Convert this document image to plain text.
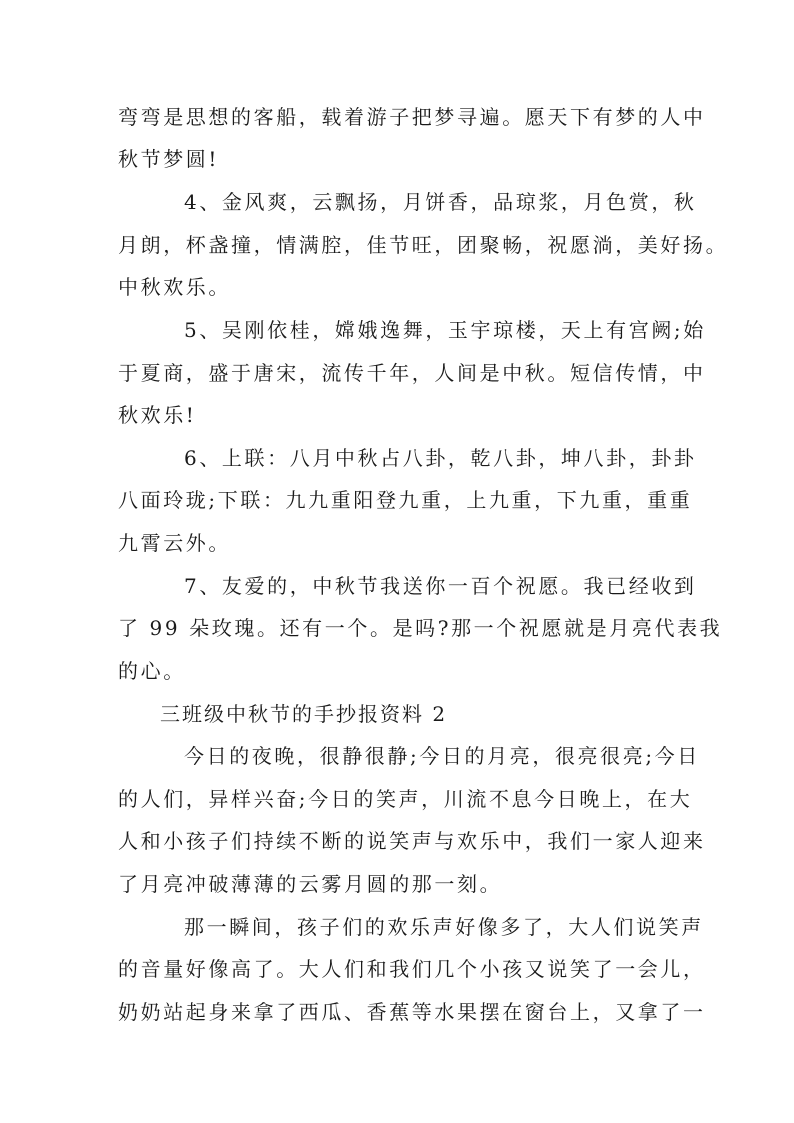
弯弯是思想的客船，载着游子把梦寻遍。愿天下有梦的人中
秋节梦圆!
4、金风爽，云飘扬，月饼香，品琼浆，月色赏，秋
月朗，杯盏撞，情满腔，佳节旺，团聚畅，祝愿淌，美好扬。
中秋欢乐。
5、吴刚依桂，嫦娥逸舞，玉宇琼楼，天上有宫阙;始
于夏商，盛于唐宋，流传千年，人间是中秋。短信传情，中
秋欢乐!
6、上联：八月中秋占八卦，乾八卦，坤八卦，卦卦
八面玲珑;下联：九九重阳登九重，上九重，下九重，重重
九霄云外。
7、友爱的，中秋节我送你一百个祝愿。我已经收到
了 99 朵玫瑰。还有一个。是吗?那一个祝愿就是月亮代表我
的心。
三班级中秋节的手抄报资料 2
今日的夜晚，很静很静;今日的月亮，很亮很亮;今日
的人们，异样兴奋;今日的笑声，川流不息今日晚上，在大
人和小孩子们持续不断的说笑声与欢乐中，我们一家人迎来
了月亮冲破薄薄的云雾月圆的那一刻。
那一瞬间，孩子们的欢乐声好像多了，大人们说笑声
的音量好像高了。大人们和我们几个小孩又说笑了一会儿，
奶奶站起身来拿了西瓜、香蕉等水果摆在窗台上，又拿了一
